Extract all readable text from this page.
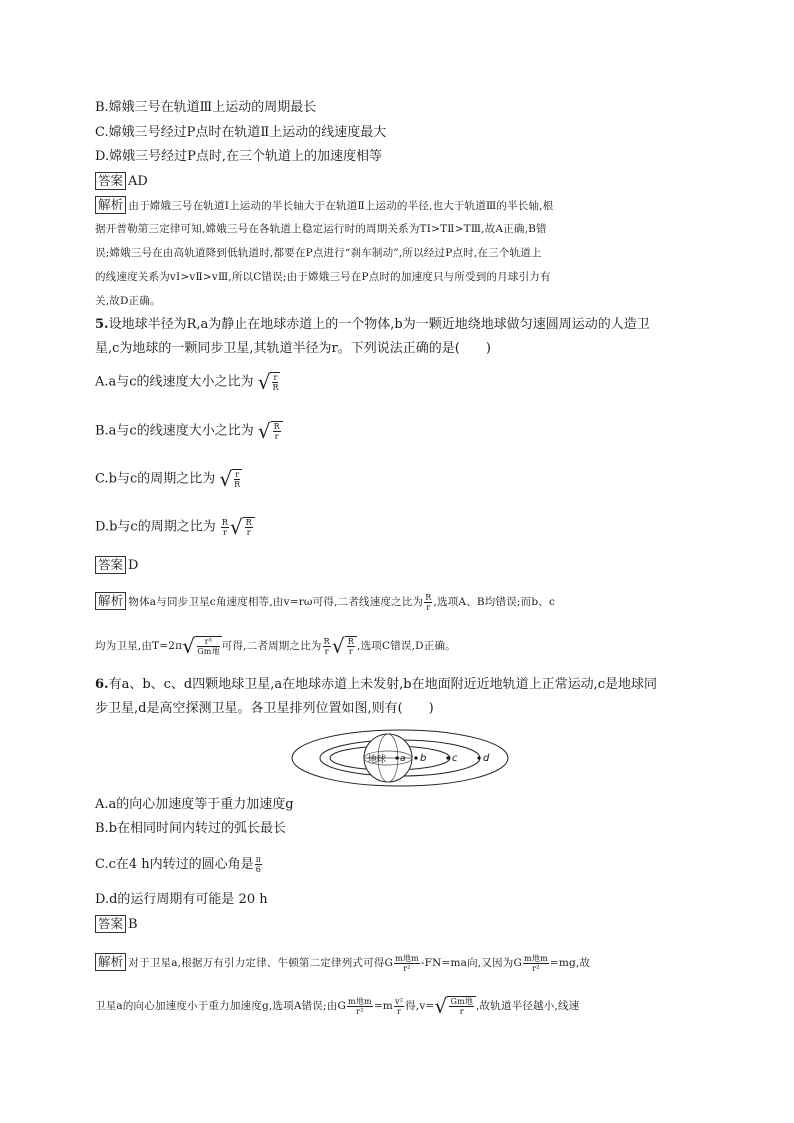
B.嫦娥三号在轨道Ⅲ上运动的周期最长
C.嫦娥三号经过P点时在轨道Ⅱ上运动的线速度最大
D.嫦娥三号经过P点时,在三个轨道上的加速度相等
答案 AD
解析 由于嫦娥三号在轨道Ⅰ上运动的半长轴大于在轨道Ⅱ上运动的半径,也大于轨道Ⅲ的半长轴,根
据开普勒第三定律可知,嫦娥三号在各轨道上稳定运行时的周期关系为TⅠ>TⅡ>TⅢ,故A正确,B错
误;嫦娥三号在由高轨道降到低轨道时,都要在P点进行“刹车制动”,所以经过P点时,在三个轨道上
的线速度关系为vⅠ>vⅡ>vⅢ,所以C错误;由于嫦娥三号在P点时的加速度只与所受到的月球引力有
关,故D正确。
5.设地球半径为R,a为静止在地球赤道上的一个物体,b为一颗近地绕地球做匀速圆周运动的人造卫
星,c为地球的一颗同步卫星,其轨道半径为r。下列说法正确的是(　　)
A.a与c的线速度大小之比为 √ $\frac{r}{R}$
B.a与c的线速度大小之比为 √ $\frac{R}{r}$
C.b与c的周期之比为 √ $\frac{r}{R}$
D.b与c的周期之比为 $\frac{R}{r}$ √ $\frac{R}{r}$
答案 D
解析 物体a与同步卫星c角速度相等,由v=rω可得,二者线速度之比为 $\frac{R}{r}$ ,选项A、B均错误;而b、c
均为卫星,由T=2π √ $\frac{\text{r³}}{\text{Gm地}}$ 可得,二者周期之比为 $\frac{R}{r}$ √ $\frac{R}{r}$ ,选项C错误,D正确。
6.有a、b、c、d四颗地球卫星,a在地球赤道上未发射,b在地面附近近地轨道上正常运动,c是地球同
步卫星,d是高空探测卫星。各卫星排列位置如图,则有(　　)
地球 a b	c	d
A.a的向心加速度等于重力加速度g
B.b在相同时间内转过的弧长最长
C.c在4 h内转过的圆心角是 $\frac{\pi}{6}$
D.d的运行周期有可能是 20 h
答案 B
解析 对于卫星a,根据万有引力定律、牛顿第二定律列式可得G $\frac{\text{m地m}}{\text{r²}} -FN=ma$向,又因为G $\frac{\text{m地m}}{\text{r²}} =mg$,故
卫星a的向心加速度小于重力加速度g,选项A错误;由G $\frac{\text{m地m}}{\text{r²}} =m \frac{\text{v²}}{r}$ 得,v= √ $\frac{\text{Gm地}}{r}$ ,故轨道半径越小,线速
